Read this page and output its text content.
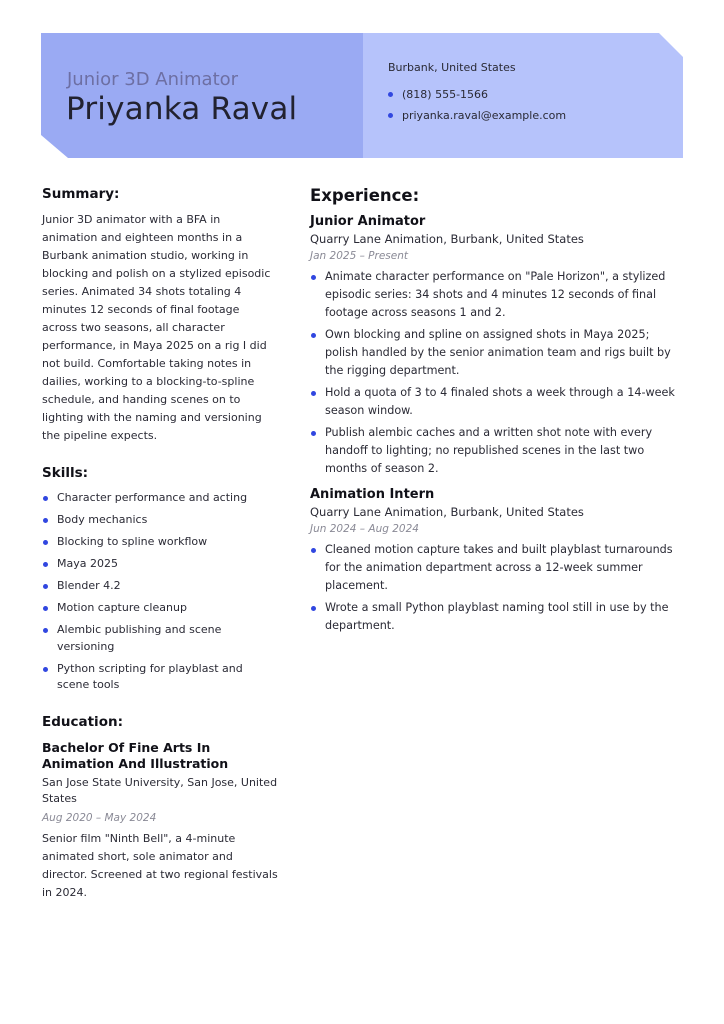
Junior 3D Animator
Priyanka Raval
Burbank, United States
(818) 555-1566
priyanka.raval@example.com
Summary:

Junior 3D animator with a BFA in animation and eighteen months in a Burbank animation studio, working in blocking and polish on a stylized episodic series. Animated 34 shots totaling 4 minutes 12 seconds of final footage across two seasons, all character performance, in Maya 2025 on a rig I did not build. Comfortable taking notes in dailies, working to a blocking-to-spline schedule, and handing scenes on to lighting with the naming and versioning the pipeline expects.

Skills:
Character performance and acting
Body mechanics
Blocking to spline workflow
Maya 2025
Blender 4.2
Motion capture cleanup
Alembic publishing and scene versioning
Python scripting for playblast and scene tools
Education:

Bachelor Of Fine Arts In Animation And Illustration

San Jose State University, San Jose, United States

Aug 2020 – May 2024

Senior film "Ninth Bell", a 4-minute animated short, sole animator and director. Screened at two regional festivals in 2024.

Experience:

Junior Animator

Quarry Lane Animation, Burbank, United States

Jan 2025 – Present

Animate character performance on "Pale Horizon", a stylized episodic series: 34 shots and 4 minutes 12 seconds of final footage across seasons 1 and 2.
Own blocking and spline on assigned shots in Maya 2025; polish handled by the senior animation team and rigs built by the rigging department.
Hold a quota of 3 to 4 finaled shots a week through a 14-week season window.
Publish alembic caches and a written shot note with every handoff to lighting; no republished scenes in the last two months of season 2.

Animation Intern

Quarry Lane Animation, Burbank, United States

Jun 2024 – Aug 2024

Cleaned motion capture takes and built playblast turnarounds for the animation department across a 12-week summer placement.
Wrote a small Python playblast naming tool still in use by the department.
